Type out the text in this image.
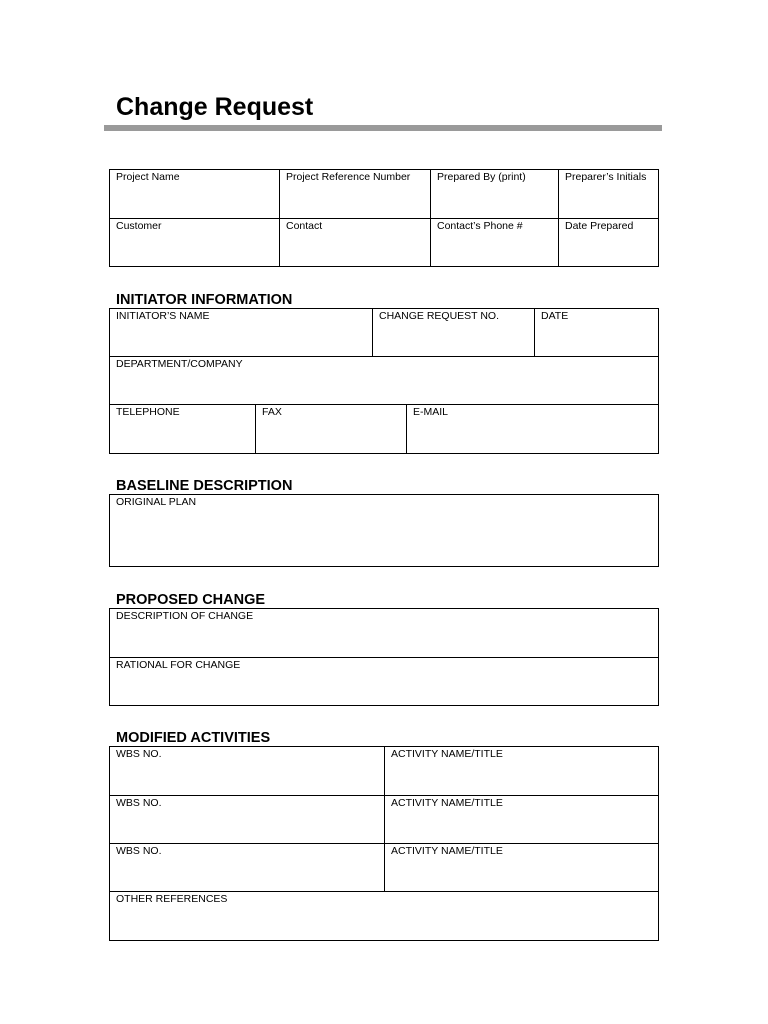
Change Request
Project Name	Project Reference Number	Prepared By (print)	Preparer’s Initials
Customer	Contact	Contact’s Phone #	Date Prepared
INITIATOR INFORMATION
INITIATOR’S NAME	CHANGE REQUEST NO.	DATE
DEPARTMENT/COMPANY
TELEPHONE	FAX	E-MAIL
BASELINE DESCRIPTION
ORIGINAL PLAN
PROPOSED CHANGE
DESCRIPTION OF CHANGE
RATIONAL FOR CHANGE
MODIFIED ACTIVITIES
WBS NO.	ACTIVITY NAME/TITLE
WBS NO.	ACTIVITY NAME/TITLE
WBS NO.	ACTIVITY NAME/TITLE
OTHER REFERENCES
